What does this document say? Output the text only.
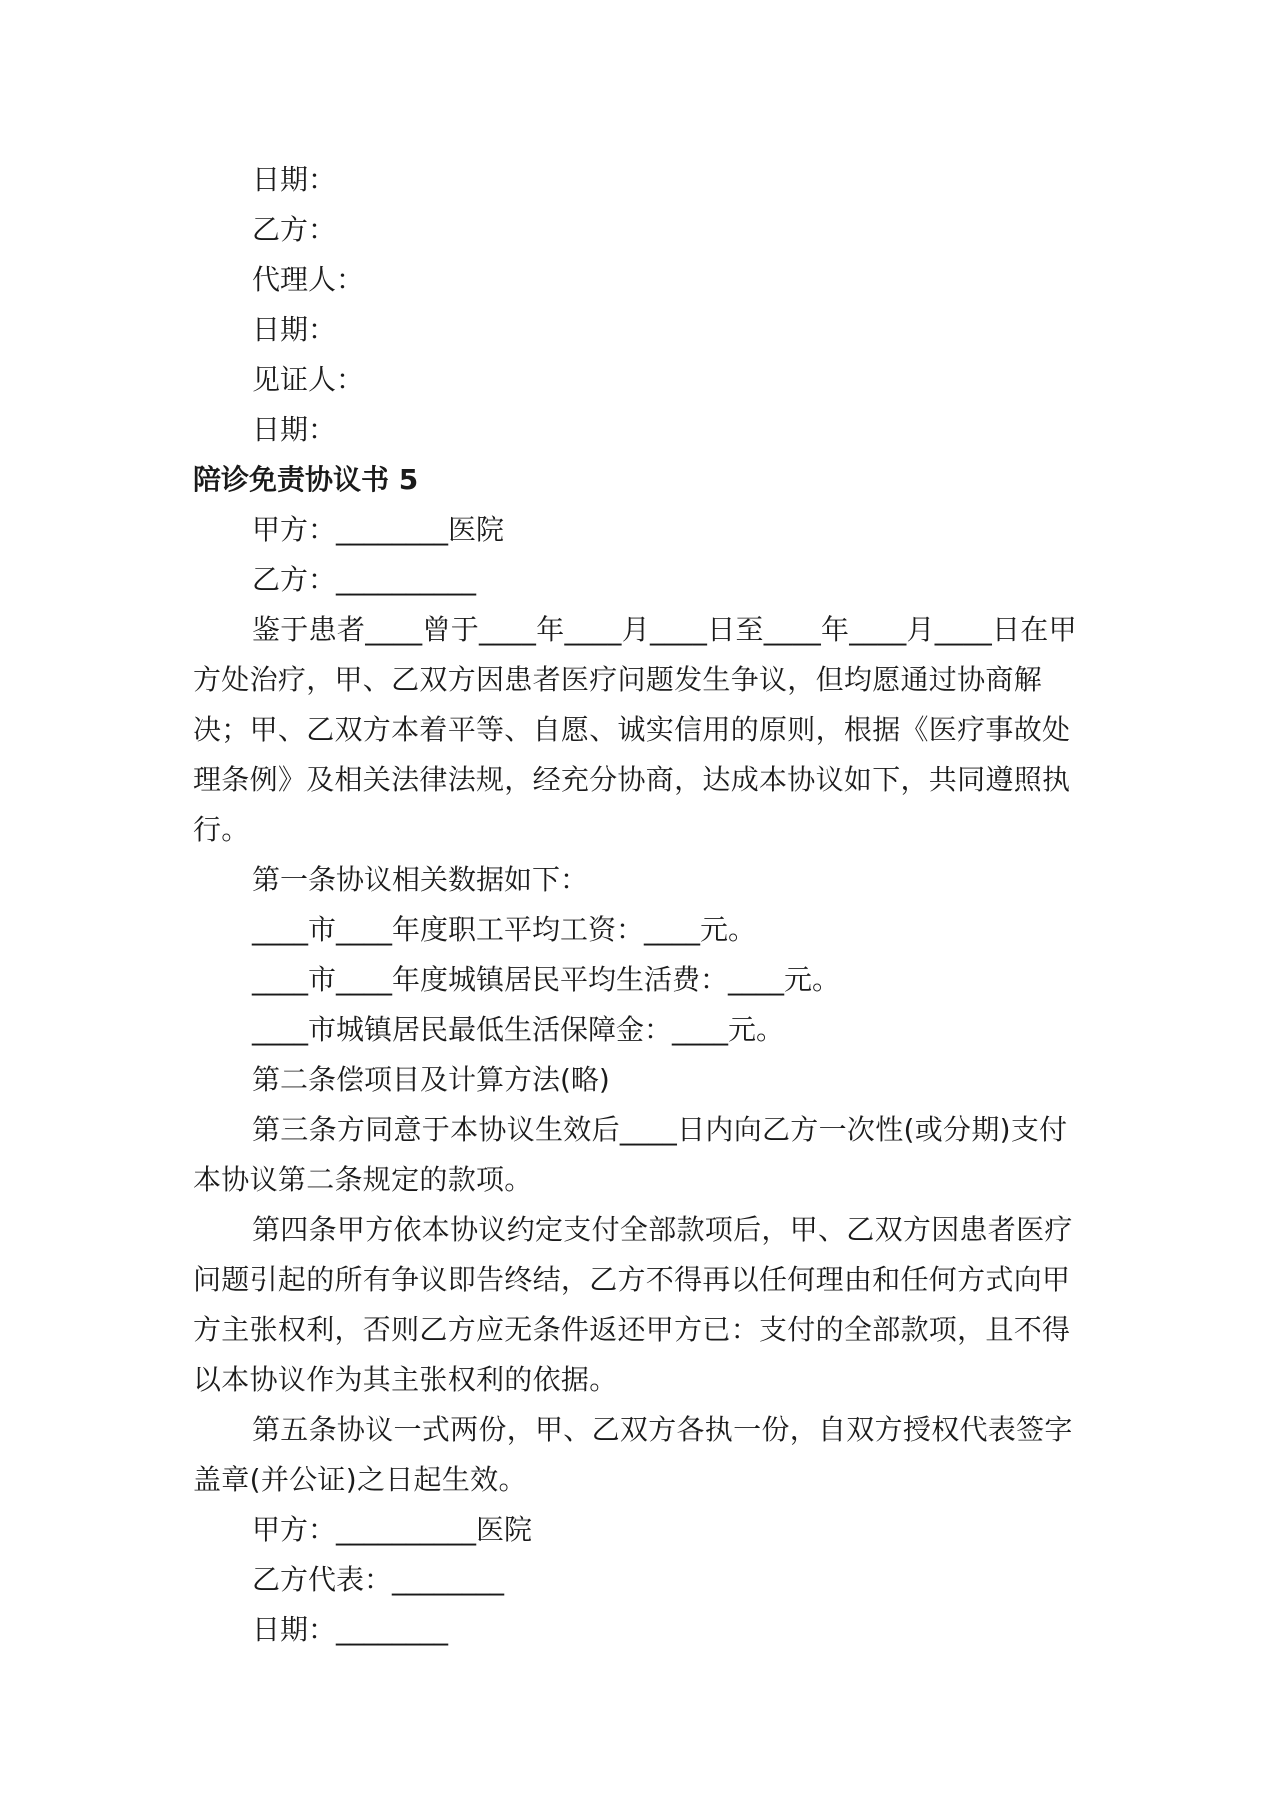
日期：

乙方：

代理人：

日期：

见证人：

日期：

陪诊免责协议书 5

甲方：________医院

乙方：__________

鉴于患者____曾于____年____月____日至____年____月____日在甲方处治疗，甲、乙双方因患者医疗问题发生争议，但均愿通过协商解决；甲、乙双方本着平等、自愿、诚实信用的原则，根据《医疗事故处理条例》及相关法律法规，经充分协商，达成本协议如下，共同遵照执行。

第一条协议相关数据如下：

____市____年度职工平均工资：____元。

____市____年度城镇居民平均生活费：____元。

____市城镇居民最低生活保障金：____元。

第二条偿项目及计算方法(略)

第三条方同意于本协议生效后____日内向乙方一次性(或分期)支付本协议第二条规定的款项。

第四条甲方依本协议约定支付全部款项后，甲、乙双方因患者医疗问题引起的所有争议即告终结，乙方不得再以任何理由和任何方式向甲方主张权利，否则乙方应无条件返还甲方已：支付的全部款项，且不得以本协议作为其主张权利的依据。

第五条协议一式两份，甲、乙双方各执一份，自双方授权代表签字盖章(并公证)之日起生效。

甲方：__________医院

乙方代表：________

日期：________
